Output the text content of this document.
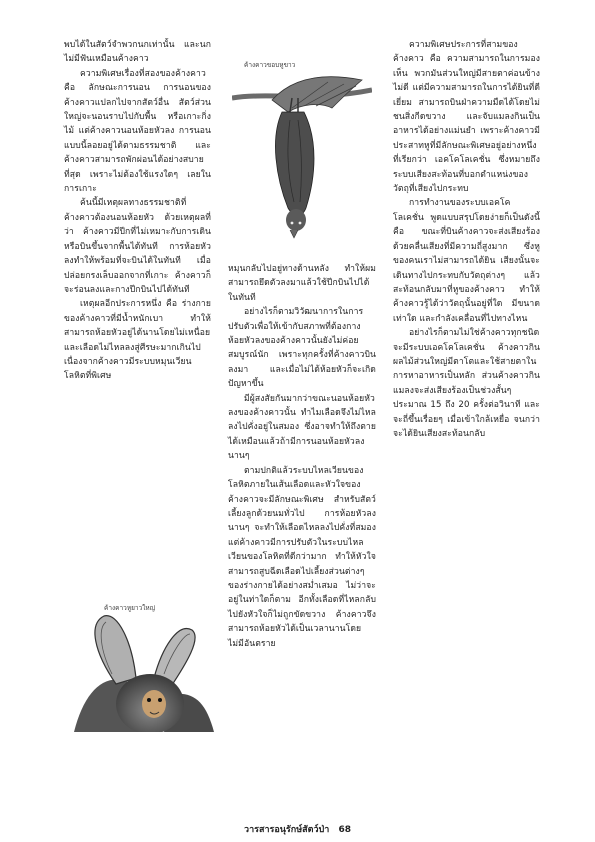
พบได้ในสัตว์จำพวกนกเท่านั้น และนกไม่มีฟันเหมือนค้างคาว

ความพิเศษเรื่องที่สองของค้างคาว คือ ลักษณะการนอน การนอนของค้างคาวแปลกไปจากสัตว์อื่น สัตว์ส่วนใหญ่จะนอนราบไปกับพื้น หรือเกาะกิ่งไม้ แต่ค้างคาวนอนห้อยหัวลง การนอนแบบนี้ลอยอยู่ได้ตามธรรมชาติ และค้างคาวสามารถพักผ่อนได้อย่างสบายที่สุด เพราะไม่ต้องใช้แรงใดๆ เลยในการเกาะ

ค้นนี้มีเหตุผลทางธรรมชาติที่ค้างคาวต้องนอนห้อยหัว ด้วยเหตุผลที่ว่า ค้างคาวมีปีกที่ไม่เหมาะกับการเดินหรือบินขึ้นจากพื้นได้ทันที การห้อยหัวลงทำให้พร้อมที่จะบินได้ในทันที เมื่อปล่อยกรงเล็บออกจากที่เกาะ ค้างคาวก็จะร่อนลงและกางปีกบินไปได้ทันที

เหตุผลอีกประการหนึ่ง คือ ร่างกายของค้างคาวที่มีน้ำหนักเบา ทำให้สามารถห้อยหัวอยู่ได้นานโดยไม่เหนื่อย และเลือดไม่ไหลลงสู่ศีรษะมากเกินไป เนื่องจากค้างคาวมีระบบหมุนเวียนโลหิตที่พิเศษ

ค้างคาวหูยาวใหญ่
ค้างคาวขอบหูขาว

หมุนกลับไปอยู่ทางด้านหลัง ทำให้ผมสามารถยึดตัวลงมาแล้วใช้ปีกบินไปได้ในทันที

อย่างไรก็ตามวิวัฒนาการในการปรับตัวเพื่อให้เข้ากับสภาพที่ต้องกางห้อยหัวลงของค้างคาวนั้นยังไม่ค่อยสมบูรณ์นัก เพราะทุกครั้งที่ค้างคาวบินลงมา และเมื่อไม่ได้ห้อยหัวก็จะเกิดปัญหาขึ้น

มีผู้สงสัยกันมากว่าขณะนอนห้อยหัวลงของค้างคาวนั้น ทำไมเลือดจึงไม่ไหลลงไปคั่งอยู่ในสมอง ซึ่งอาจทำให้ถึงตายได้เหมือนแล้วถ้ามีการนอนห้อยหัวลงนานๆ

ตามปกติแล้วระบบไหลเวียนของโลหิตภายในเส้นเลือดและหัวใจของค้างคาวจะมีลักษณะพิเศษ สำหรับสัตว์เลี้ยงลูกด้วยนมทั่วไป การห้อยหัวลงนานๆ จะทำให้เลือดไหลลงไปคั่งที่สมอง แต่ค้างคาวมีการปรับตัวในระบบไหลเวียนของโลหิตที่ดีกว่ามาก ทำให้หัวใจสามารถสูบฉีดเลือดไปเลี้ยงส่วนต่างๆ ของร่างกายได้อย่างสม่ำเสมอ ไม่ว่าจะอยู่ในท่าใดก็ตาม อีกทั้งเลือดที่ไหลกลับไปยังหัวใจก็ไม่ถูกขัดขวาง ค้างคาวจึงสามารถห้อยหัวได้เป็นเวลานานโดยไม่มีอันตราย

ความพิเศษประการที่สามของค้างคาว คือ ความสามารถในการมองเห็น พวกมันส่วนใหญ่มีสายตาค่อนข้างไม่ดี แต่มีความสามารถในการได้ยินที่ดีเยี่ยม สามารถบินฝ่าความมืดได้โดยไม่ชนสิ่งกีดขวาง และจับแมลงกินเป็นอาหารได้อย่างแม่นยำ เพราะค้างคาวมีประสาทหูที่มีลักษณะพิเศษอยู่อย่างหนึ่งที่เรียกว่า เอคโคโลเคชั่น ซึ่งหมายถึงระบบเสียงสะท้อนที่บอกตำแหน่งของวัตถุที่เสียงไปกระทบ

การทำงานของระบบเอคโคโลเคชั่น พูดแบบสรุปโดยง่ายก็เป็นดังนี้ คือ ขณะที่บินค้างคาวจะส่งเสียงร้องด้วยคลื่นเสียงที่มีความถี่สูงมาก ซึ่งหูของคนเราไม่สามารถได้ยิน เสียงนั้นจะเดินทางไปกระทบกับวัตถุต่างๆ แล้วสะท้อนกลับมาที่หูของค้างคาว ทำให้ค้างคาวรู้ได้ว่าวัตถุนั้นอยู่ที่ใด มีขนาดเท่าใด และกำลังเคลื่อนที่ไปทางไหน

อย่างไรก็ตามไม่ใช่ค้างคาวทุกชนิดจะมีระบบเอคโคโลเคชั่น ค้างคาวกินผลไม้ส่วนใหญ่มีตาโตและใช้สายตาในการหาอาหารเป็นหลัก ส่วนค้างคาวกินแมลงจะส่งเสียงร้องเป็นช่วงสั้นๆ ประมาณ 15 ถึง 20 ครั้งต่อวินาที และจะถี่ขึ้นเรื่อยๆ เมื่อเข้าใกล้เหยื่อ จนกว่าจะได้ยินเสียงสะท้อนกลับ

วารสารอนุรักษ์สัตว์ป่า 68
